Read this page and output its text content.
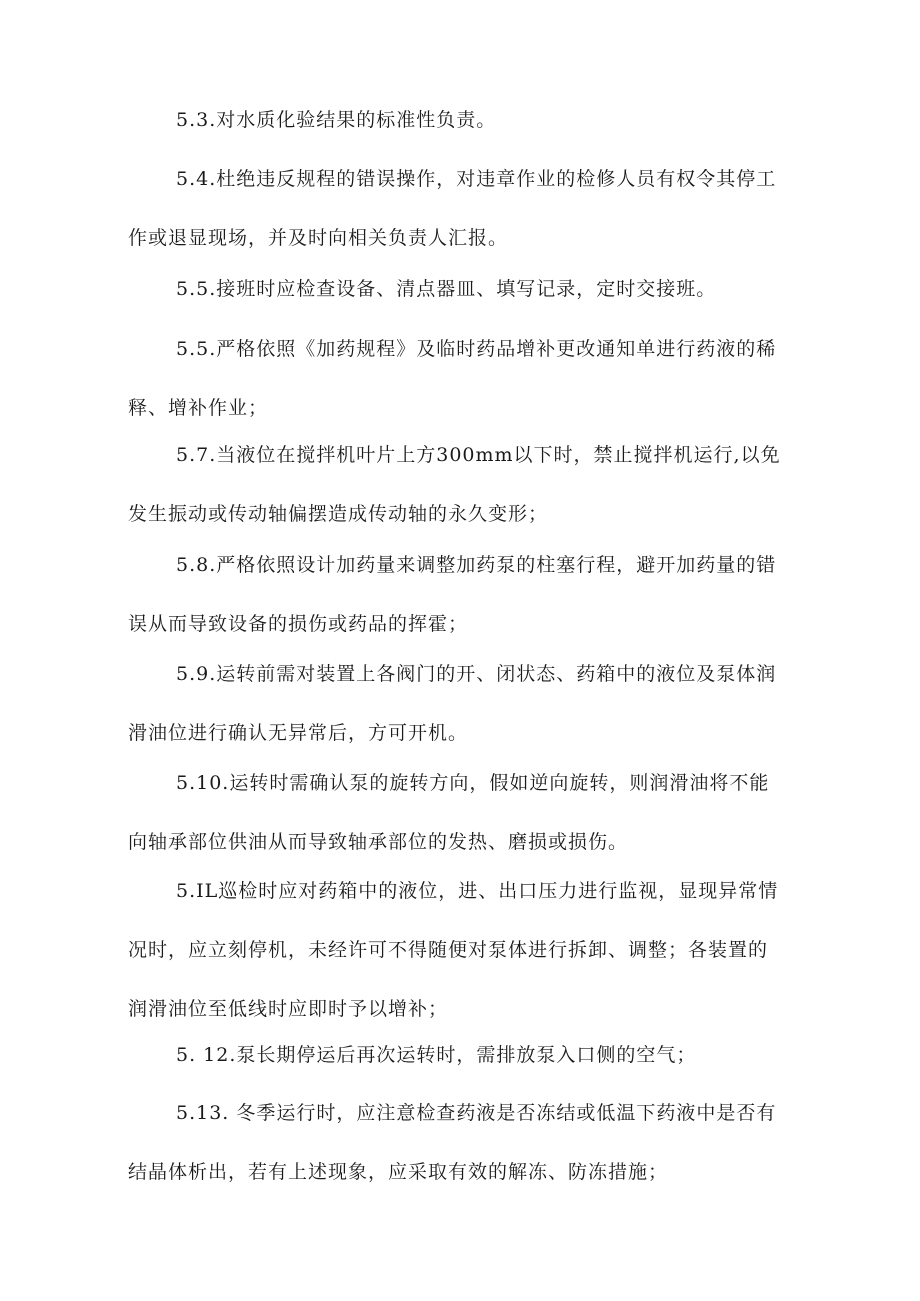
5.3.对水质化验结果的标准性负责。
5.4.杜绝违反规程的错误操作，对违章作业的检修人员有权令其停工
作或退显现场，并及时向相关负责人汇报。
5.5.接班时应检查设备、清点器皿、填写记录，定时交接班。
5.5.严格依照《加药规程》及临时药品增补更改通知单进行药液的稀
释、增补作业；
5.7.当液位在搅拌机叶片上方300mm以下时，禁止搅拌机运行,以免
发生振动或传动轴偏摆造成传动轴的永久变形；
5.8.严格依照设计加药量来调整加药泵的柱塞行程，避开加药量的错
误从而导致设备的损伤或药品的挥霍；
5.9.运转前需对装置上各阀门的开、闭状态、药箱中的液位及泵体润
滑油位进行确认无异常后，方可开机。
5.10.运转时需确认泵的旋转方向，假如逆向旋转，则润滑油将不能
向轴承部位供油从而导致轴承部位的发热、磨损或损伤。
5.IL巡检时应对药箱中的液位，进、出口压力进行监视，显现异常情
况时，应立刻停机，未经许可不得随便对泵体进行拆卸、调整；各装置的
润滑油位至低线时应即时予以增补；
5. 12.泵长期停运后再次运转时，需排放泵入口侧的空气；
5.13. 冬季运行时，应注意检查药液是否冻结或低温下药液中是否有
结晶体析出，若有上述现象，应采取有效的解冻、防冻措施；
